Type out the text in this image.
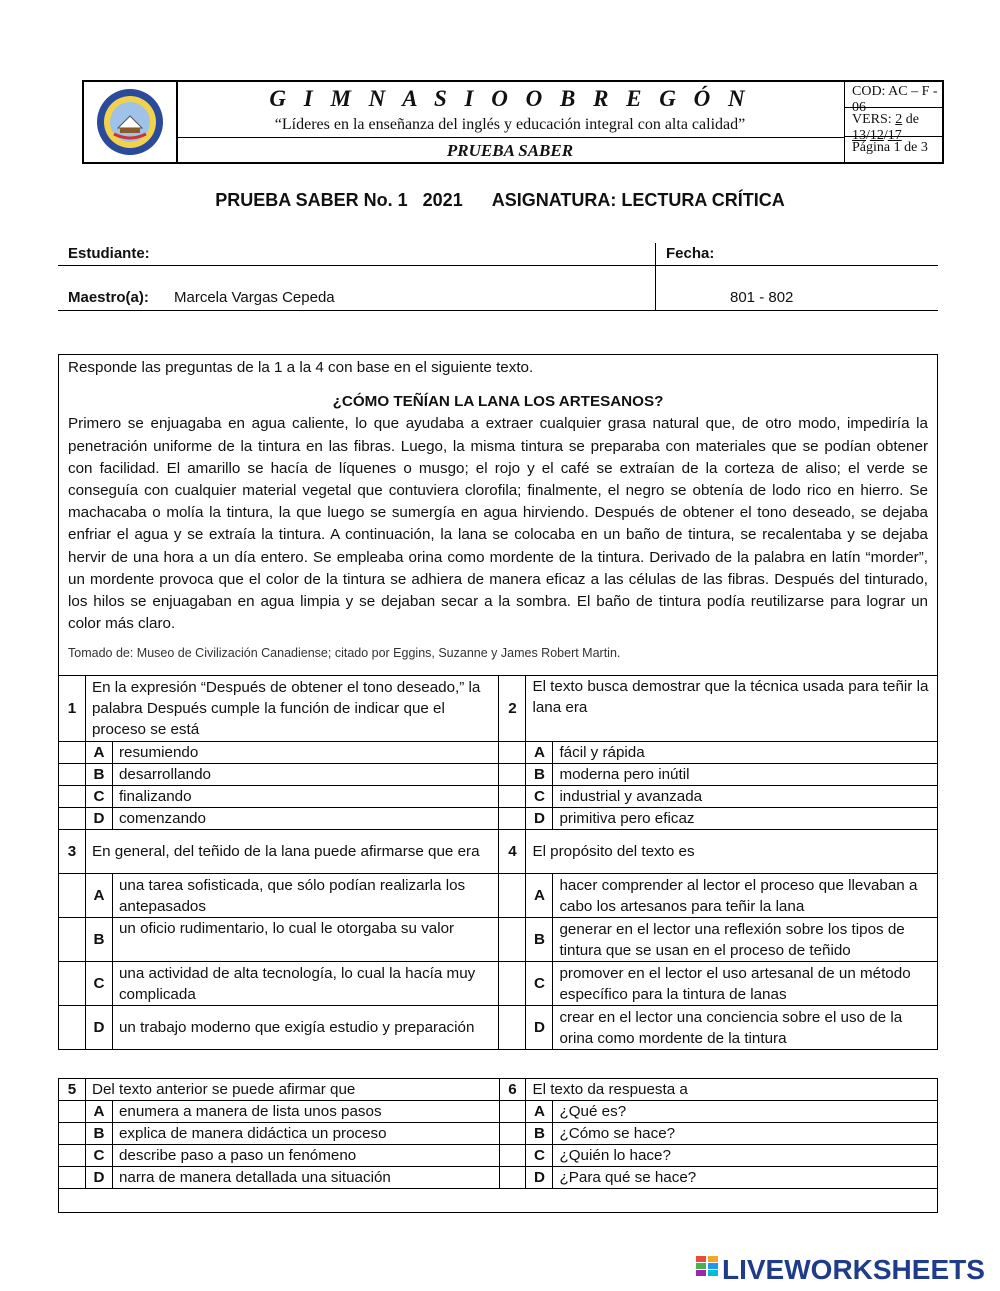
G I M N A S I O O B R E G Ó N
“Líderes en la enseñanza del inglés y educación integral con alta calidad”
PRUEBA SABER
COD: AC – F - 06
VERS: 2 de 13/12/17
Página 1 de 3
PRUEBA SABER No. 1   2021 ASIGNATURA: LECTURA CRÍTICA
Estudiante:	Fecha:
Maestro(a): Marcela Vargas Cepeda	801 - 802

Responde las preguntas de la 1 a la 4 con base en el siguiente texto.

¿CÓMO TEÑÍAN LA LANA LOS ARTESANOS?

Primero se enjuagaba en agua caliente, lo que ayudaba a extraer cualquier grasa natural que, de otro modo, impediría la penetración uniforme de la tintura en las fibras. Luego, la misma tintura se preparaba con materiales que se podían obtener con facilidad. El amarillo se hacía de líquenes o musgo; el rojo y el café se extraían de la corteza de aliso; el verde se conseguía con cualquier material vegetal que contuviera clorofila; finalmente, el negro se obtenía de lodo rico en hierro. Se machacaba o molía la tintura, la que luego se sumergía en agua hirviendo. Después de obtener el tono deseado, se dejaba enfriar el agua y se extraía la tintura. A continuación, la lana se colocaba en un baño de tintura, se recalentaba y se dejaba hervir de una hora a un día entero. Se empleaba orina como mordente de la tintura. Derivado de la palabra en latín “morder”, un mordente provoca que el color de la tintura se adhiera de manera eficaz a las células de las fibras. Después del tinturado, los hilos se enjuagaban en agua limpia y se dejaban secar a la sombra. El baño de tintura podía reutilizarse para lograr un color más claro.

Tomado de: Museo de Civilización Canadiense; citado por Eggins, Suzanne y James Robert Martin.
1	En la expresión “Después de obtener el tono deseado,” la palabra Después cumple la función de indicar que el proceso se está		2	El texto busca demostrar que la técnica usada para teñir la lana era	
	A	resumiendo		A	fácil y rápida
	B	desarrollando		B	moderna pero inútil
	C	finalizando		C	industrial y avanzada
	D	comenzando		D	primitiva pero eficaz
3	En general, del teñido de la lana puede afirmarse que era		4	El propósito del texto es	
	A	una tarea sofisticada, que sólo podían realizarla los antepasados		A	hacer comprender al lector el proceso que llevaban a cabo los artesanos para teñir la lana
	B	un oficio rudimentario, lo cual le otorgaba su valor		B	generar en el lector una reflexión sobre los tipos de tintura que se usan en el proceso de teñido
	C	una actividad de alta tecnología, lo cual la hacía muy complicada		C	promover en el lector el uso artesanal de un método específico para la tintura de lanas
	D	un trabajo moderno que exigía estudio y preparación		D	crear en el lector una conciencia sobre el uso de la orina como mordente de la tintura
5	Del texto anterior se puede afirmar que		6	El texto da respuesta a	
	A	enumera a manera de lista unos pasos		A	¿Qué es?
	B	explica de manera didáctica un proceso		B	¿Cómo se hace?
	C	describe paso a paso un fenómeno		C	¿Quién lo hace?
	D	narra de manera detallada una situación		D	¿Para qué se hace?

LIVEWORKSHEETS
